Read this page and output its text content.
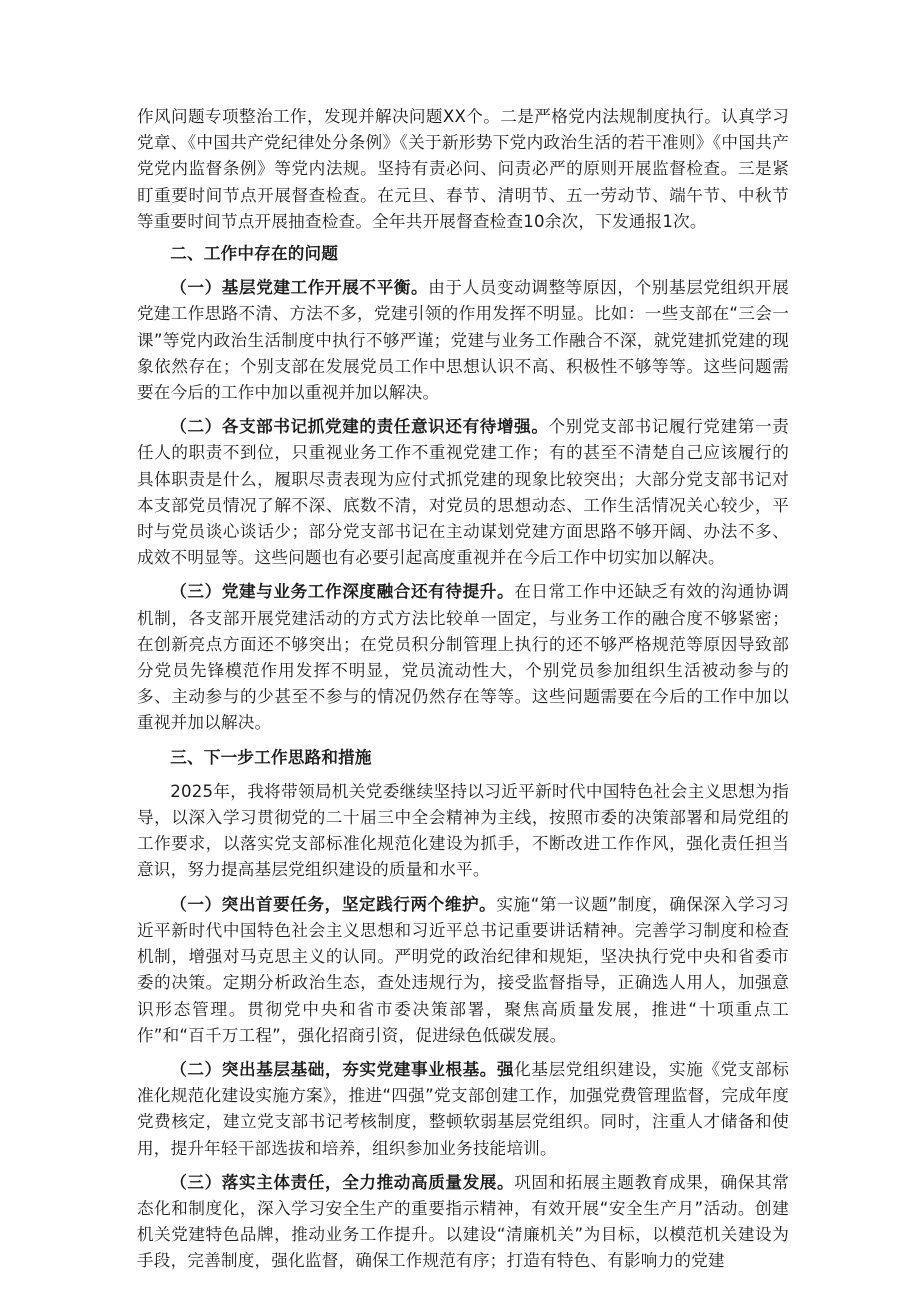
作风问题专项整治工作，发现并解决问题XX个。二是严格党内法规制度执行。认真学习党章、《中国共产党纪律处分条例》《关于新形势下党内政治生活的若干准则》《中国共产党党内监督条例》等党内法规。坚持有责必问、问责必严的原则开展监督检查。三是紧盯重要时间节点开展督查检查。在元旦、春节、清明节、五一劳动节、端午节、中秋节等重要时间节点开展抽查检查。全年共开展督查检查10余次，下发通报1次。

二、工作中存在的问题

（一）基层党建工作开展不平衡。由于人员变动调整等原因，个别基层党组织开展党建工作思路不清、方法不多，党建引领的作用发挥不明显。比如：一些支部在“三会一课”等党内政治生活制度中执行不够严谨；党建与业务工作融合不深，就党建抓党建的现象依然存在；个别支部在发展党员工作中思想认识不高、积极性不够等等。这些问题需要在今后的工作中加以重视并加以解决。

（二）各支部书记抓党建的责任意识还有待增强。个别党支部书记履行党建第一责任人的职责不到位，只重视业务工作不重视党建工作；有的甚至不清楚自己应该履行的具体职责是什么，履职尽责表现为应付式抓党建的现象比较突出；大部分党支部书记对本支部党员情况了解不深、底数不清，对党员的思想动态、工作生活情况关心较少，平时与党员谈心谈话少；部分党支部书记在主动谋划党建方面思路不够开阔、办法不多、成效不明显等。这些问题也有必要引起高度重视并在今后工作中切实加以解决。

（三）党建与业务工作深度融合还有待提升。在日常工作中还缺乏有效的沟通协调机制，各支部开展党建活动的方式方法比较单一固定，与业务工作的融合度不够紧密；在创新亮点方面还不够突出；在党员积分制管理上执行的还不够严格规范等原因导致部分党员先锋模范作用发挥不明显，党员流动性大，个别党员参加组织生活被动参与的多、主动参与的少甚至不参与的情况仍然存在等等。这些问题需要在今后的工作中加以重视并加以解决。

三、下一步工作思路和措施

2025年，我将带领局机关党委继续坚持以习近平新时代中国特色社会主义思想为指导，以深入学习贯彻党的二十届三中全会精神为主线，按照市委的决策部署和局党组的工作要求，以落实党支部标准化规范化建设为抓手，不断改进工作作风，强化责任担当意识，努力提高基层党组织建设的质量和水平。

（一）突出首要任务，坚定践行两个维护。实施“第一议题”制度，确保深入学习习近平新时代中国特色社会主义思想和习近平总书记重要讲话精神。完善学习制度和检查机制，增强对马克思主义的认同。严明党的政治纪律和规矩，坚决执行党中央和省委市委的决策。定期分析政治生态，查处违规行为，接受监督指导，正确选人用人，加强意识形态管理。贯彻党中央和省市委决策部署，聚焦高质量发展，推进“十项重点工作”和“百千万工程”，强化招商引资，促进绿色低碳发展。

（二）突出基层基础，夯实党建事业根基。强化基层党组织建设，实施《党支部标准化规范化建设实施方案》，推进“四强”党支部创建工作，加强党费管理监督，完成年度党费核定，建立党支部书记考核制度，整顿软弱基层党组织。同时，注重人才储备和使用，提升年轻干部选拔和培养，组织参加业务技能培训。

（三）落实主体责任，全力推动高质量发展。巩固和拓展主题教育成果，确保其常态化和制度化，深入学习安全生产的重要指示精神，有效开展“安全生产月”活动。创建机关党建特色品牌，推动业务工作提升。以建设“清廉机关”为目标，以模范机关建设为手段，完善制度，强化监督，确保工作规范有序；打造有特色、有影响力的党建
